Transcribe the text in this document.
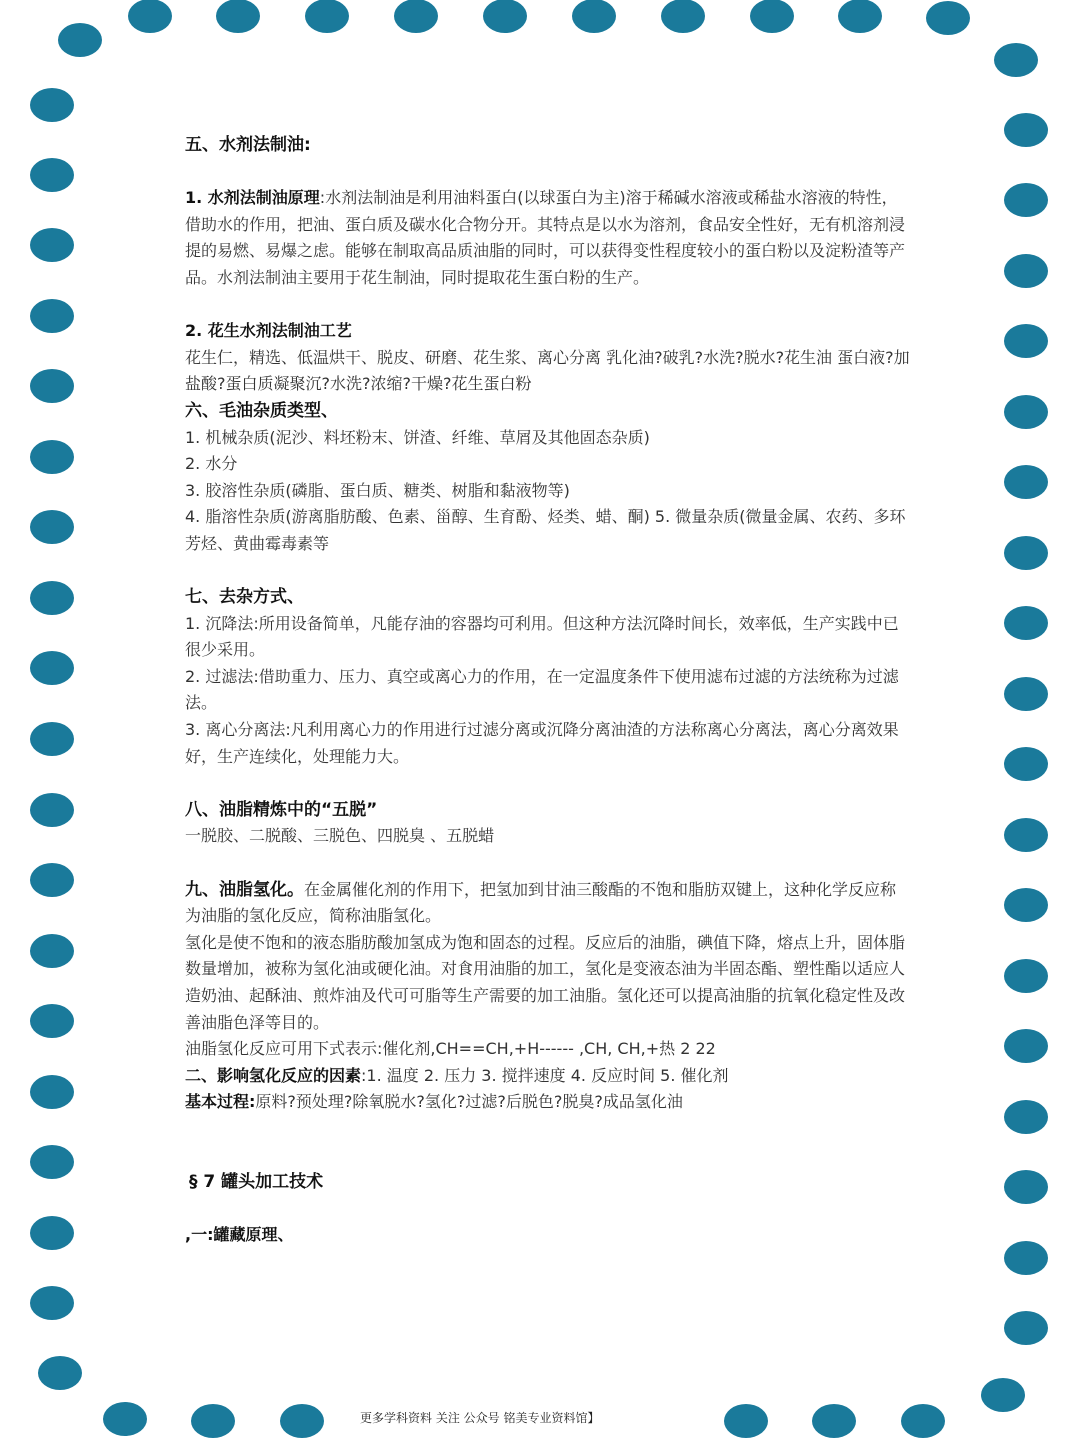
五、水剂法制油:

1. 水剂法制油原理:水剂法制油是利用油料蛋白(以球蛋白为主)溶于稀碱水溶液或稀盐水溶液的特性，借助水的作用，把油、蛋白质及碳水化合物分开。其特点是以水为溶剂，食品安全性好，无有机溶剂浸提的易燃、易爆之虑。能够在制取高品质油脂的同时，可以获得变性程度较小的蛋白粉以及淀粉渣等产品。水剂法制油主要用于花生制油，同时提取花生蛋白粉的生产。

2. 花生水剂法制油工艺

花生仁，精选、低温烘干、脱皮、研磨、花生浆、离心分离 乳化油?破乳?水洗?脱水?花生油 蛋白液?加盐酸?蛋白质凝聚沉?水洗?浓缩?干燥?花生蛋白粉

六、毛油杂质类型、

1. 机械杂质(泥沙、料坯粉末、饼渣、纤维、草屑及其他固态杂质)

2. 水分

3. 胶溶性杂质(磷脂、蛋白质、糖类、树脂和黏液物等)

4. 脂溶性杂质(游离脂肪酸、色素、甾醇、生育酚、烃类、蜡、酮) 5. 微量杂质(微量金属、农药、多环芳烃、黄曲霉毒素等

七、去杂方式、

1. 沉降法:所用设备简单，凡能存油的容器均可利用。但这种方法沉降时间长，效率低，生产实践中已很少采用。

2. 过滤法:借助重力、压力、真空或离心力的作用，在一定温度条件下使用滤布过滤的方法统称为过滤法。

3. 离心分离法:凡利用离心力的作用进行过滤分离或沉降分离油渣的方法称离心分离法，离心分离效果好，生产连续化，处理能力大。

八、油脂精炼中的“五脱”

一脱胶、二脱酸、三脱色、四脱臭 、五脱蜡

九、油脂氢化。在金属催化剂的作用下，把氢加到甘油三酸酯的不饱和脂肪双键上，这种化学反应称为油脂的氢化反应，简称油脂氢化。

氢化是使不饱和的液态脂肪酸加氢成为饱和固态的过程。反应后的油脂，碘值下降，熔点上升，固体脂数量增加，被称为氢化油或硬化油。对食用油脂的加工，氢化是变液态油为半固态酯、塑性酯以适应人造奶油、起酥油、煎炸油及代可可脂等生产需要的加工油脂。氢化还可以提高油脂的抗氧化稳定性及改善油脂色泽等目的。

油脂氢化反应可用下式表示:催化剂,CH==CH,+H------ ,CH, CH,+热 2 22

二、影响氢化反应的因素:1. 温度 2. 压力 3. 搅拌速度 4. 反应时间 5. 催化剂

基本过程:原料?预处理?除氧脱水?氢化?过滤?后脱色?脱臭?成品氢化油

§ 7 罐头加工技术

,一:罐藏原理、

更多学科资料 关注 公众号 铭美专业资料馆】
